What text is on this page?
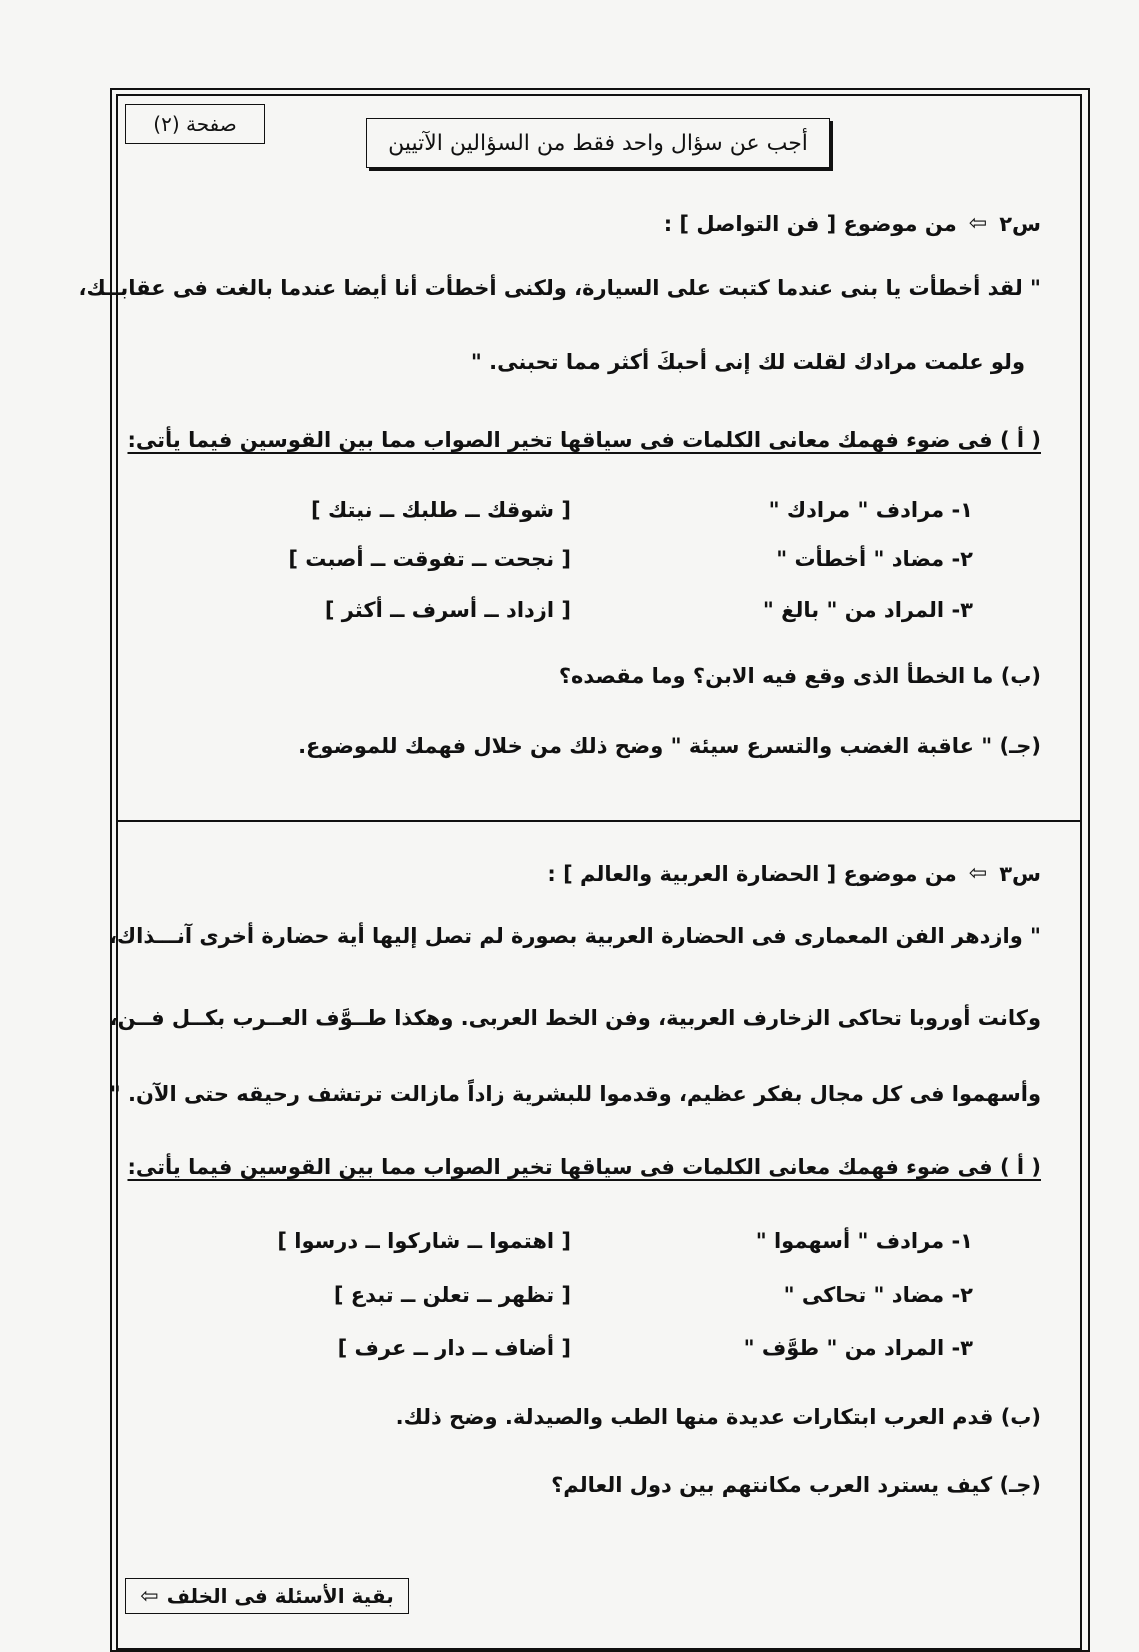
صفحة (٢)
أجب عن سؤال واحد فقط من السؤالين الآتيين
س٢
⇦
من موضوع [ فن التواصل ] :
" لقد أخطأت يا بنى عندما كتبت على السيارة، ولكنى أخطأت أنا أيضا عندما بالغت فى عقابــك،
ولو علمت مرادك لقلت لك إنى أحبكَ أكثر مما تحبنى. "
( أ ) فى ضوء فهمك معانى الكلمات فى سياقها تخير الصواب مما بين القوسين فيما يأتى:
١- مرادف " مرادك "
[ شوقك ــ طلبك ــ نيتك ]
٢- مضاد " أخطأت "
[ نجحت ــ تفوقت ــ أصبت ]
٣- المراد من " بالغ "
[ ازداد ــ أسرف ــ أكثر ]
(ب) ما الخطأ الذى وقع فيه الابن؟ وما مقصده؟
(جـ) " عاقبة الغضب والتسرع سيئة " وضح ذلك من خلال فهمك للموضوع.
س٣
⇦
من موضوع [ الحضارة العربية والعالم ] :
" وازدهر الفن المعمارى فى الحضارة العربية بصورة لم تصل إليها أية حضارة أخرى آنـــذاك،
وكانت أوروبا تحاكى الزخارف العربية، وفن الخط العربى. وهكذا طــوَّف العــرب بكــل فــن،
وأسهموا فى كل مجال بفكر عظيم، وقدموا للبشرية زاداً مازالت ترتشف رحيقه حتى الآن. "
( أ ) فى ضوء فهمك معانى الكلمات فى سياقها تخير الصواب مما بين القوسين فيما يأتى:
١- مرادف " أسهموا "
[ اهتموا ــ شاركوا ــ درسوا ]
٢- مضاد " تحاكى "
[ تظهر ــ تعلن ــ تبدع ]
٣- المراد من " طوَّف "
[ أضاف ــ دار ــ عرف ]
(ب) قدم العرب ابتكارات عديدة منها الطب والصيدلة. وضح ذلك.
(جـ) كيف يسترد العرب مكانتهم بين دول العالم؟
بقية الأسئلة فى الخلف
⇦
